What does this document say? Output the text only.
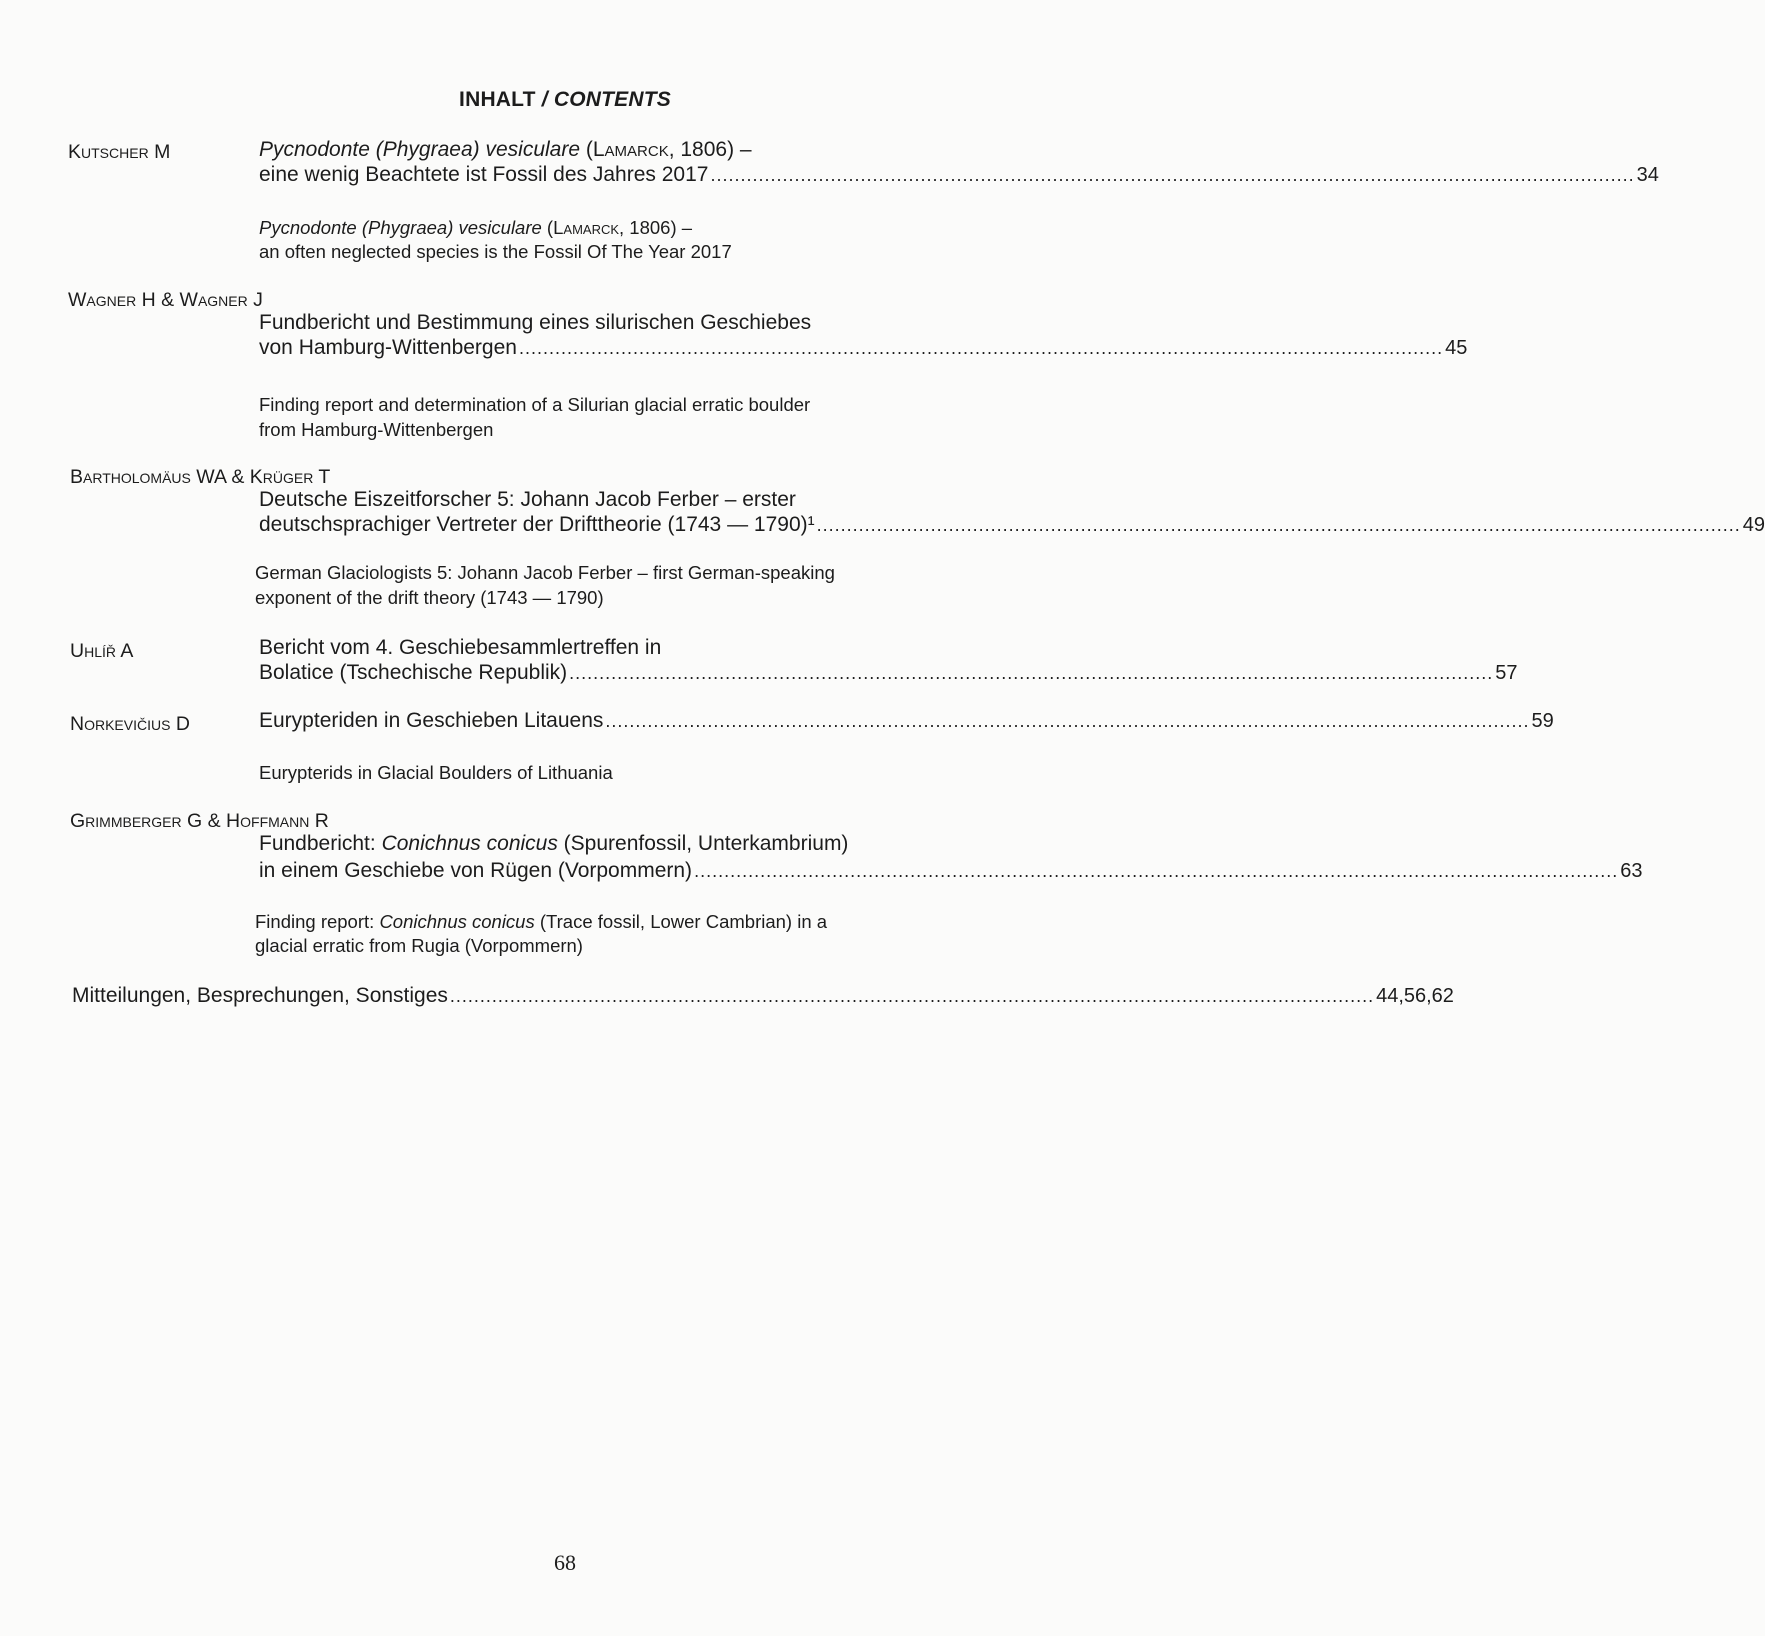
INHALT / CONTENTS
Kutscher M	Pycnodonte (Phygraea) vesiculare (Lamarck, 1806) –
eine wenig Beachtete ist Fossil des Jahres 2017 .......................................................................................................................................................... 34
Pycnodonte (Phygraea) vesiculare (Lamarck, 1806) –
an often neglected species is the Fossil Of The Year 2017
Wagner H & Wagner J
Fundbericht und Bestimmung eines silurischen Geschiebes
von Hamburg-Wittenbergen .......................................................................................................................................................... 45
Finding report and determination of a Silurian glacial erratic boulder
from Hamburg-Wittenbergen
Bartholomäus WA & Krüger T
Deutsche Eiszeitforscher 5: Johann Jacob Ferber – erster
deutschsprachiger Vertreter der Drifttheorie (1743 — 1790)¹ .......................................................................................................................................................... 49
German Glaciologists 5: Johann Jacob Ferber – first German-speaking
exponent of the drift theory (1743 — 1790)
Uhlíř A	Bericht vom 4. Geschiebesammlertreffen in
Bolatice (Tschechische Republik) .......................................................................................................................................................... 57
Norkevičius D	Eurypteriden in Geschieben Litauens .......................................................................................................................................................... 59
Eurypterids in Glacial Boulders of Lithuania
Grimmberger G & Hoffmann R
Fundbericht: Conichnus conicus (Spurenfossil, Unterkambrium)
in einem Geschiebe von Rügen (Vorpommern) .......................................................................................................................................................... 63
Finding report: Conichnus conicus (Trace fossil, Lower Cambrian) in a
glacial erratic from Rugia (Vorpommern)
Mitteilungen, Besprechungen, Sonstiges .......................................................................................................................................................... 44,56,62
68
